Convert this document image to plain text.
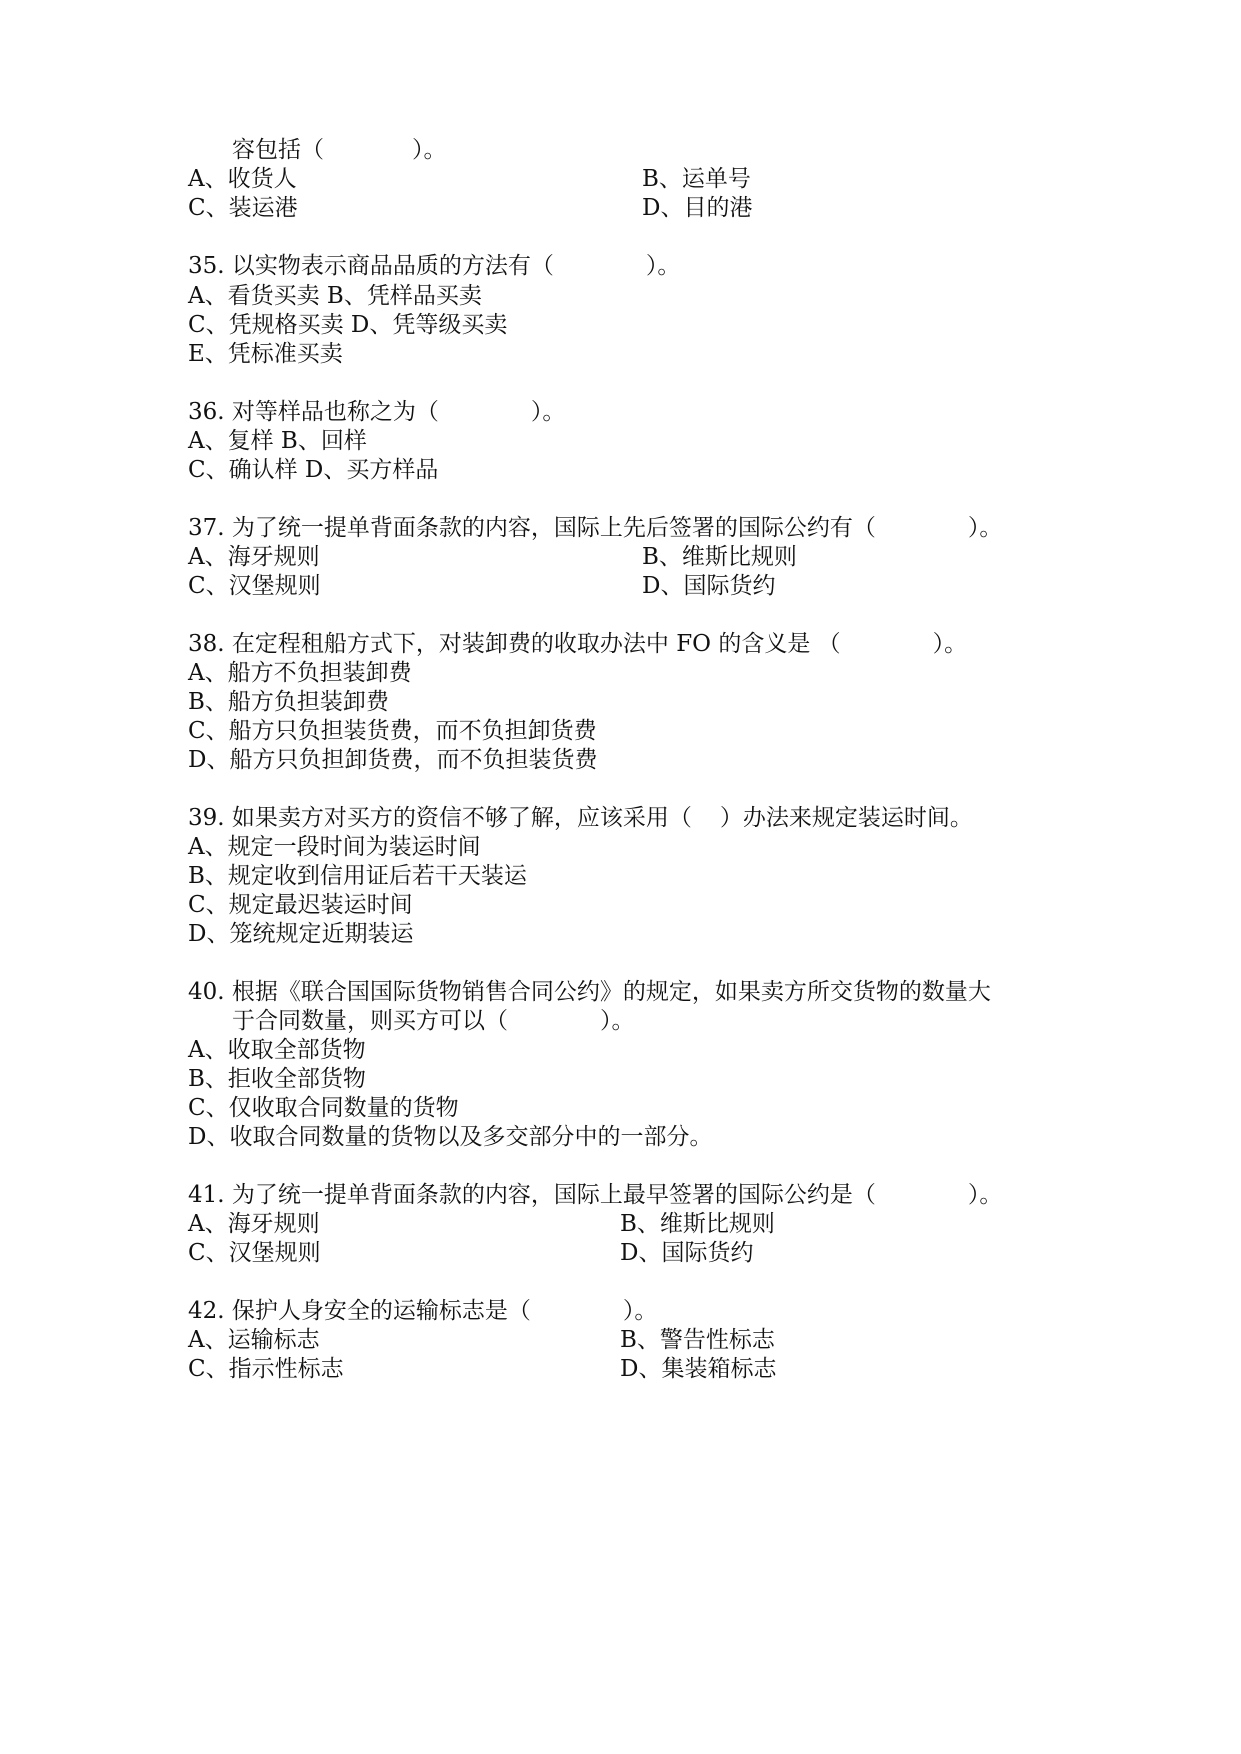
容包括（	）。
A、收货人	B、运单号
C、装运港	D、目的港
35. 以实物表示商品品质的方法有（	）。
A、看货买卖 B、凭样品买卖
C、凭规格买卖 D、凭等级买卖
E、凭标准买卖
36. 对等样品也称之为（	）。
A、复样 B、回样
C、确认样 D、买方样品
37. 为了统一提单背面条款的内容，国际上先后签署的国际公约有（	）。
A、海牙规则	B、维斯比规则
C、汉堡规则	D、国际货约
38. 在定程租船方式下，对装卸费的收取办法中 FO 的含义是 （	）。
A、船方不负担装卸费
B、船方负担装卸费
C、船方只负担装货费，而不负担卸货费
D、船方只负担卸货费，而不负担装货费
39. 如果卖方对买方的资信不够了解，应该采用（ ）办法来规定装运时间。
A、规定一段时间为装运时间
B、规定收到信用证后若干天装运
C、规定最迟装运时间
D、笼统规定近期装运
40. 根据《联合国国际货物销售合同公约》的规定，如果卖方所交货物的数量大
于合同数量，则买方可以（	）。
A、收取全部货物
B、拒收全部货物
C、仅收取合同数量的货物
D、收取合同数量的货物以及多交部分中的一部分。
41. 为了统一提单背面条款的内容，国际上最早签署的国际公约是（	）。
A、海牙规则	B、维斯比规则
C、汉堡规则	D、国际货约
42. 保护人身安全的运输标志是（	）。
A、运输标志	B、警告性标志
C、指示性标志	D、集装箱标志
